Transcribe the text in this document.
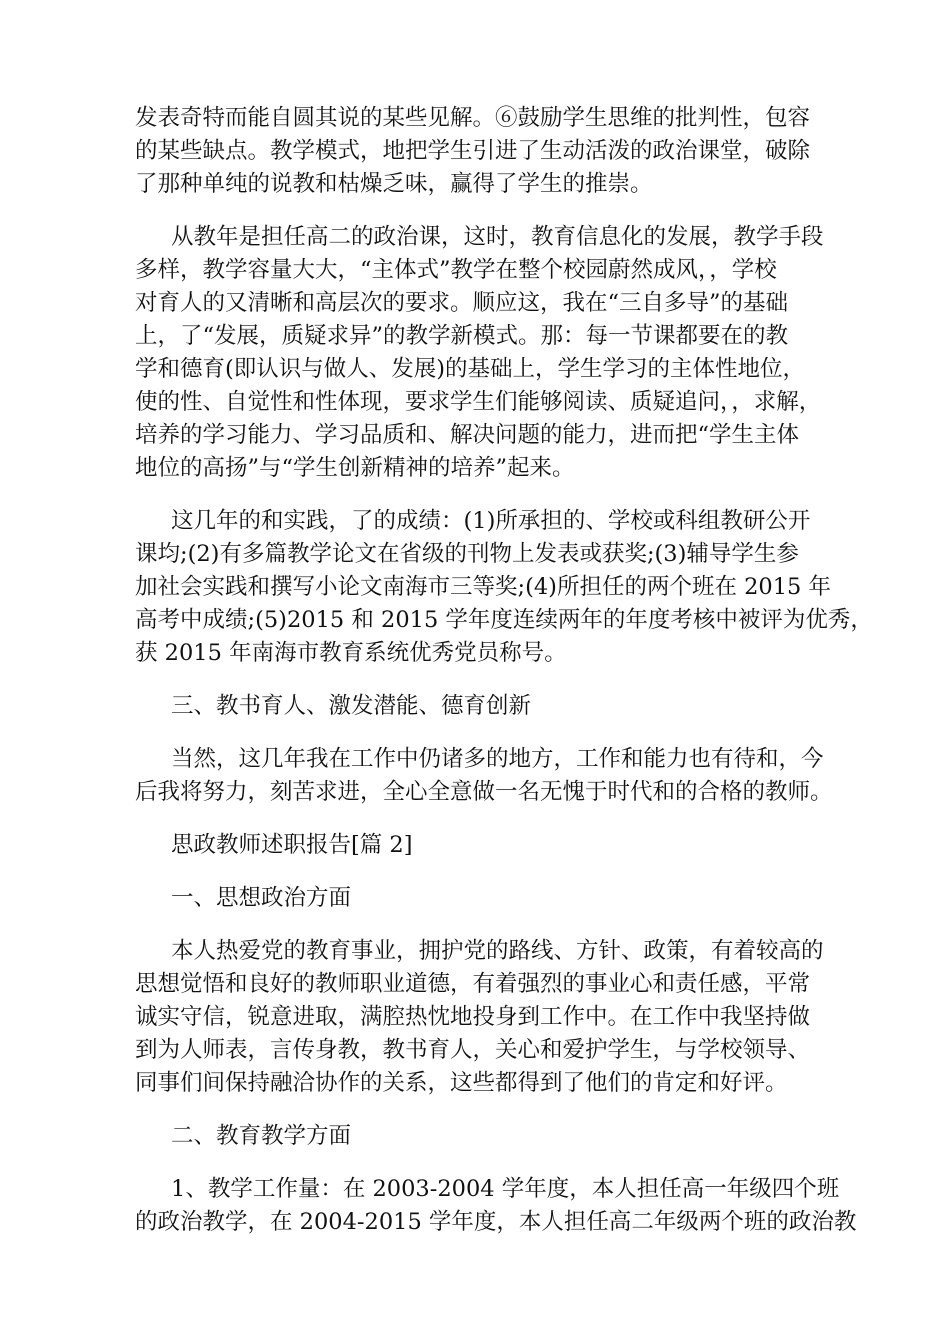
发表奇特而能自圆其说的某些见解。⑥鼓励学生思维的批判性，包容
的某些缺点。教学模式，地把学生引进了生动活泼的政治课堂，破除
了那种单纯的说教和枯燥乏味，赢得了学生的推崇。
从教年是担任高二的政治课，这时，教育信息化的发展，教学手段
多样，教学容量大大，“主体式”教学在整个校园蔚然成风，，学校
对育人的又清晰和高层次的要求。顺应这，我在“三自多导”的基础
上，了“发展，质疑求异”的教学新模式。那：每一节课都要在的教
学和德育(即认识与做人、发展)的基础上，学生学习的主体性地位，
使的性、自觉性和性体现，要求学生们能够阅读、质疑追问，，求解，
培养的学习能力、学习品质和、解决问题的能力，进而把“学生主体
地位的高扬”与“学生创新精神的培养”起来。
这几年的和实践，了的成绩：(1)所承担的、学校或科组教研公开
课均;(2)有多篇教学论文在省级的刊物上发表或获奖;(3)辅导学生参
加社会实践和撰写小论文南海市三等奖;(4)所担任的两个班在 2015 年
高考中成绩;(5)2015 和 2015 学年度连续两年的年度考核中被评为优秀，
获 2015 年南海市教育系统优秀党员称号。
三、教书育人、激发潜能、德育创新
当然，这几年我在工作中仍诸多的地方，工作和能力也有待和，今
后我将努力，刻苦求进，全心全意做一名无愧于时代和的合格的教师。
思政教师述职报告[篇 2]
一、思想政治方面
本人热爱党的教育事业，拥护党的路线、方针、政策，有着较高的
思想觉悟和良好的教师职业道德，有着强烈的事业心和责任感，平常
诚实守信，锐意进取，满腔热忱地投身到工作中。在工作中我坚持做
到为人师表，言传身教，教书育人，关心和爱护学生，与学校领导、
同事们间保持融洽协作的关系，这些都得到了他们的肯定和好评。
二、教育教学方面
1、教学工作量：在 2003-2004 学年度，本人担任高一年级四个班
的政治教学，在 2004-2015 学年度，本人担任高二年级两个班的政治教
